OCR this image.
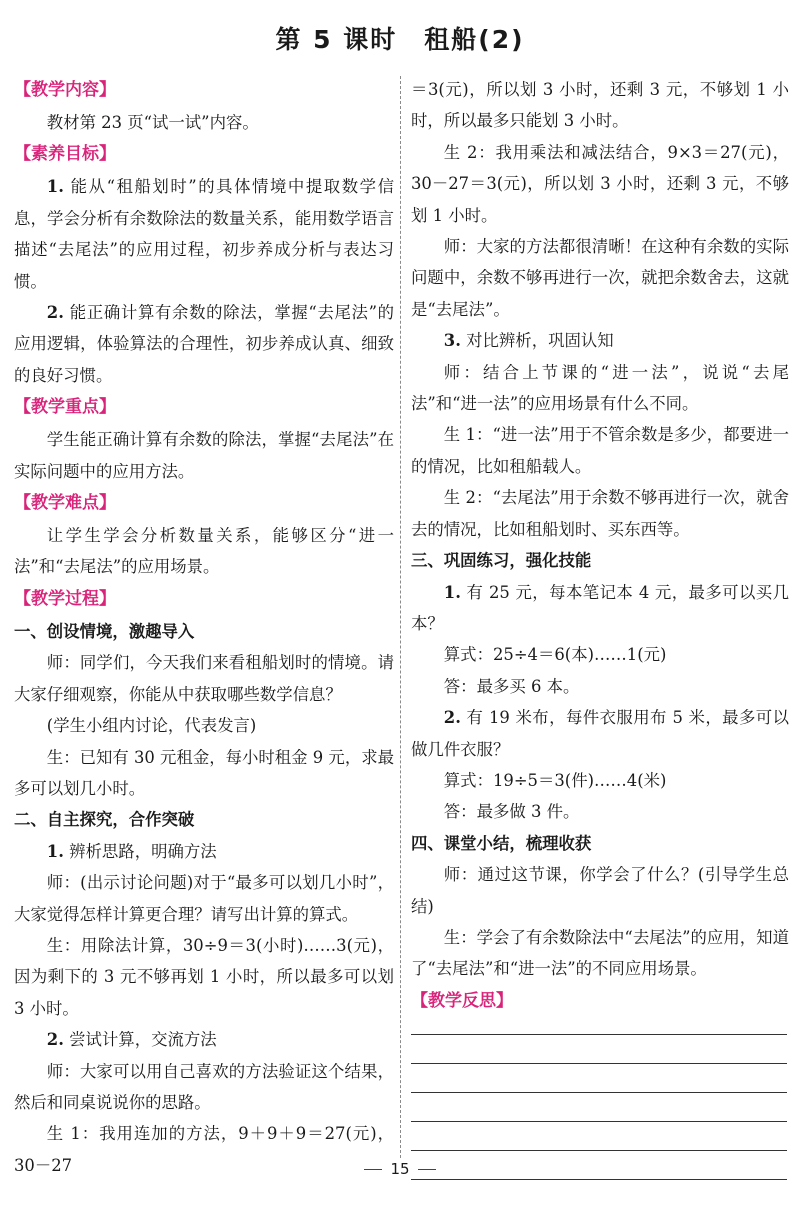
第 5 课时　租船(2)
【教学内容】

教材第 23 页“试一试”内容。

【素养目标】

1. 能从“租船划时”的具体情境中提取数学信息，学会分析有余数除法的数量关系，能用数学语言描述“去尾法”的应用过程，初步养成分析与表达习惯。

2. 能正确计算有余数的除法，掌握“去尾法”的应用逻辑，体验算法的合理性，初步养成认真、细致的良好习惯。

【教学重点】

学生能正确计算有余数的除法，掌握“去尾法”在实际问题中的应用方法。

【教学难点】

让学生学会分析数量关系，能够区分“进一法”和“去尾法”的应用场景。

【教学过程】
一、创设情境，激趣导入

师：同学们，今天我们来看租船划时的情境。请大家仔细观察，你能从中获取哪些数学信息？

(学生小组内讨论，代表发言)

生：已知有 30 元租金，每小时租金 9 元，求最多可以划几小时。

二、自主探究，合作突破

1. 辨析思路，明确方法

师：(出示讨论问题)对于“最多可以划几小时”，大家觉得怎样计算更合理？请写出计算的算式。

生：用除法计算，30÷9＝3(小时)……3(元)，因为剩下的 3 元不够再划 1 小时，所以最多可以划 3 小时。

2. 尝试计算，交流方法

师：大家可以用自己喜欢的方法验证这个结果，然后和同桌说说你的思路。

生 1：我用连加的方法，9＋9＋9＝27(元)，30－27

＝3(元)，所以划 3 小时，还剩 3 元，不够划 1 小时，所以最多只能划 3 小时。

生 2：我用乘法和减法结合，9×3＝27(元)，30－27＝3(元)，所以划 3 小时，还剩 3 元，不够划 1 小时。

师：大家的方法都很清晰！在这种有余数的实际问题中，余数不够再进行一次，就把余数舍去，这就是“去尾法”。

3. 对比辨析，巩固认知

师：结合上节课的“进一法”，说说“去尾法”和“进一法”的应用场景有什么不同。

生 1：“进一法”用于不管余数是多少，都要进一的情况，比如租船载人。

生 2：“去尾法”用于余数不够再进行一次，就舍去的情况，比如租船划时、买东西等。

三、巩固练习，强化技能

1. 有 25 元，每本笔记本 4 元，最多可以买几本？

算式：25÷4＝6(本)……1(元)

答：最多买 6 本。

2. 有 19 米布，每件衣服用布 5 米，最多可以做几件衣服？

算式：19÷5＝3(件)……4(米)

答：最多做 3 件。

四、课堂小结，梳理收获

师：通过这节课，你学会了什么？(引导学生总结)

生：学会了有余数除法中“去尾法”的应用，知道了“去尾法”和“进一法”的不同应用场景。

【教学反思】
15
